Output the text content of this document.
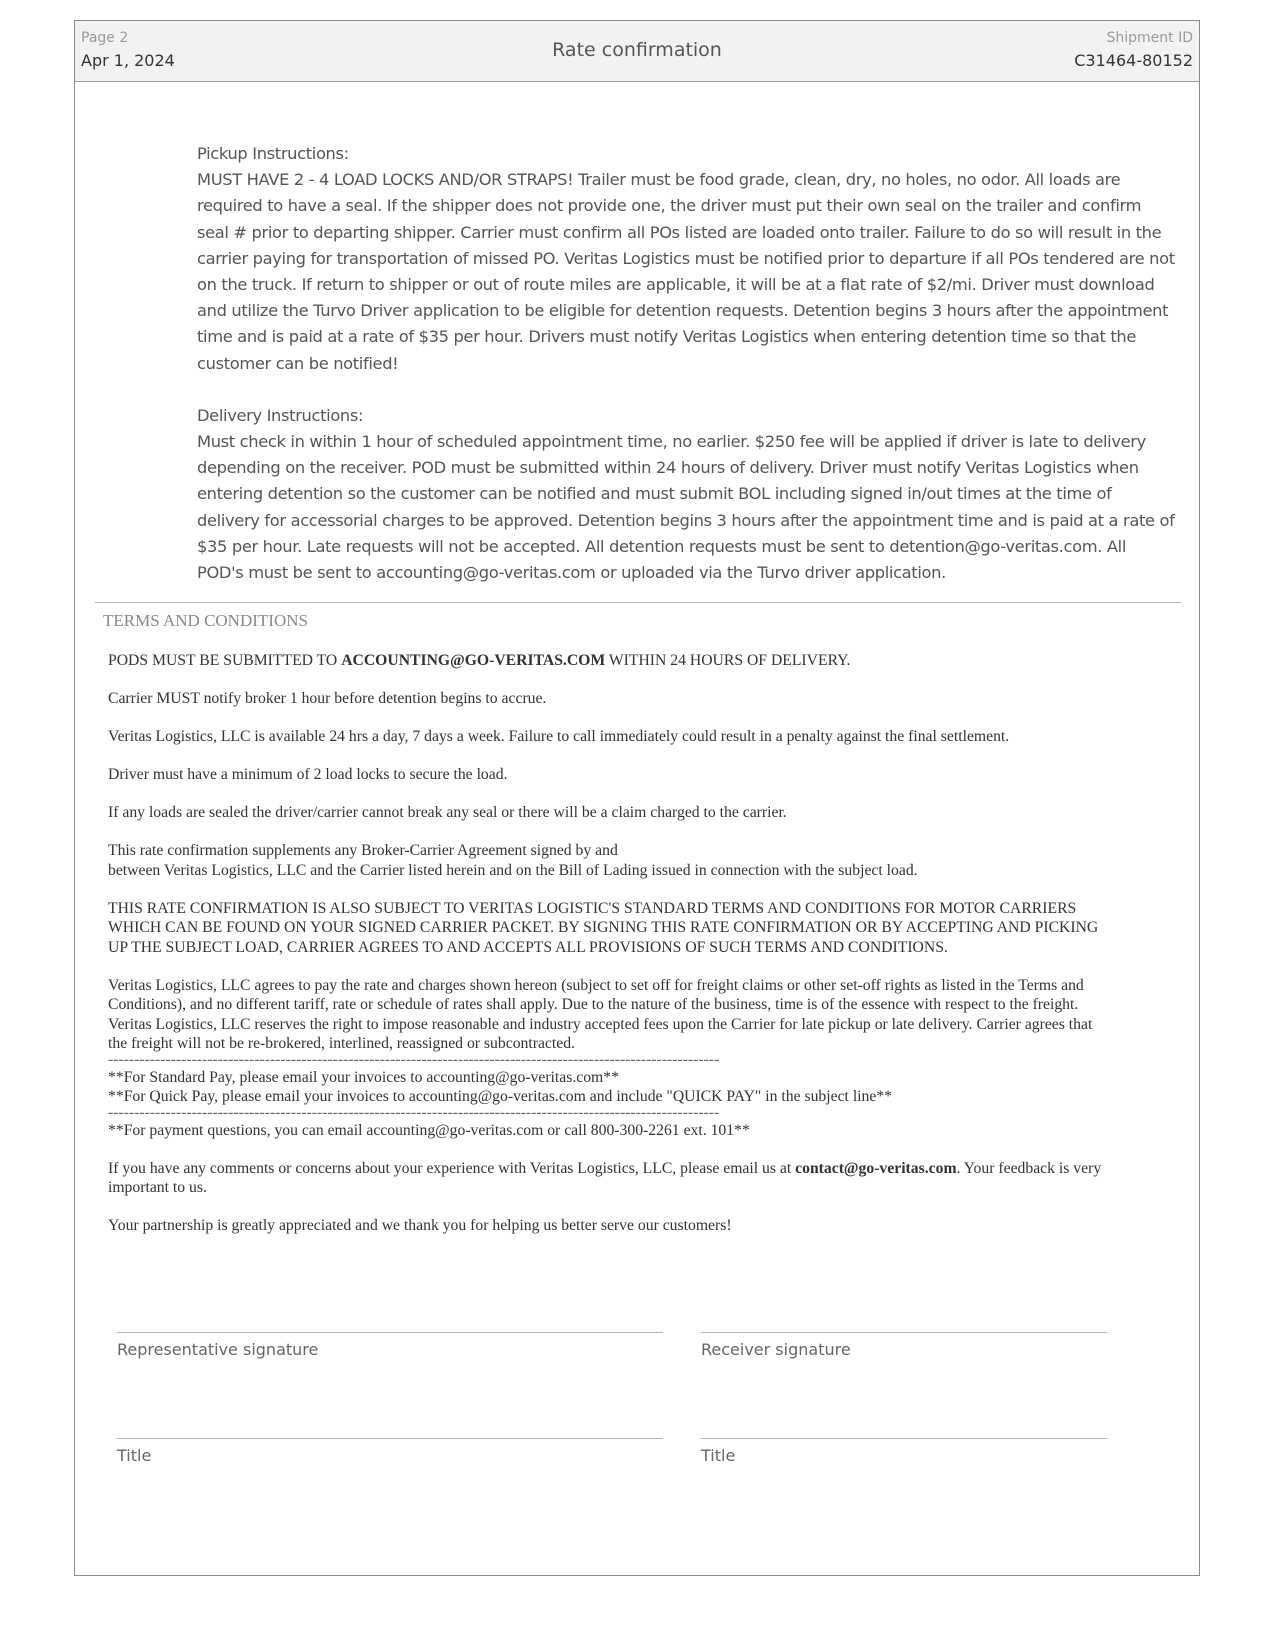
Page 2
Apr 1, 2024	Rate confirmation
Shipment ID
C31464-80152

Pickup Instructions:

MUST HAVE 2 - 4 LOAD LOCKS AND/OR STRAPS! Trailer must be food grade, clean, dry, no holes, no odor. All loads are required to have a seal. If the shipper does not provide one, the driver must put their own seal on the trailer and confirm seal # prior to departing shipper. Carrier must confirm all POs listed are loaded onto trailer. Failure to do so will result in the carrier paying for transportation of missed PO. Veritas Logistics must be notified prior to departure if all POs tendered are not on the truck. If return to shipper or out of route miles are applicable, it will be at a flat rate of $2/mi. Driver must download and utilize the Turvo Driver application to be eligible for detention requests. Detention begins 3 hours after the appointment time and is paid at a rate of $35 per hour. Drivers must notify Veritas Logistics when entering detention time so that the customer can be notified!

Delivery Instructions:

Must check in within 1 hour of scheduled appointment time, no earlier. $250 fee will be applied if driver is late to delivery depending on the receiver. POD must be submitted within 24 hours of delivery. Driver must notify Veritas Logistics when entering detention so the customer can be notified and must submit BOL including signed in/out times at the time of delivery for accessorial charges to be approved. Detention begins 3 hours after the appointment time and is paid at a rate of $35 per hour. Late requests will not be accepted. All detention requests must be sent to detention@go-veritas.com. All POD's must be sent to accounting@go-veritas.com or uploaded via the Turvo driver application.

TERMS AND CONDITIONS

PODS MUST BE SUBMITTED TO ACCOUNTING@GO-VERITAS.COM WITHIN 24 HOURS OF DELIVERY.

Carrier MUST notify broker 1 hour before detention begins to accrue.

Veritas Logistics, LLC is available 24 hrs a day, 7 days a week. Failure to call immediately could result in a penalty against the final settlement.

Driver must have a minimum of 2 load locks to secure the load.

If any loads are sealed the driver/carrier cannot break any seal or there will be a claim charged to the carrier.

This rate confirmation supplements any Broker-Carrier Agreement signed by and
between Veritas Logistics, LLC and the Carrier listed herein and on the Bill of Lading issued in connection with the subject load.

THIS RATE CONFIRMATION IS ALSO SUBJECT TO VERITAS LOGISTIC'S STANDARD TERMS AND CONDITIONS FOR MOTOR CARRIERS WHICH CAN BE FOUND ON YOUR SIGNED CARRIER PACKET. BY SIGNING THIS RATE CONFIRMATION OR BY ACCEPTING AND PICKING UP THE SUBJECT LOAD, CARRIER AGREES TO AND ACCEPTS ALL PROVISIONS OF SUCH TERMS AND CONDITIONS.

Veritas Logistics, LLC agrees to pay the rate and charges shown hereon (subject to set off for freight claims or other set-off rights as listed in the Terms and Conditions), and no different tariff, rate or schedule of rates shall apply. Due to the nature of the business, time is of the essence with respect to the freight. Veritas Logistics, LLC reserves the right to impose reasonable and industry accepted fees upon the Carrier for late pickup or late delivery. Carrier agrees that the freight will not be re-brokered, interlined, reassigned or subcontracted.

---------------------------------------------------------------------------------------------------------------------

**For Standard Pay, please email your invoices to accounting@go-veritas.com**

**For Quick Pay, please email your invoices to accounting@go-veritas.com and include "QUICK PAY" in the subject line**

---------------------------------------------------------------------------------------------------------------------

**For payment questions, you can email accounting@go-veritas.com or call 800-300-2261 ext. 101**

If you have any comments or concerns about your experience with Veritas Logistics, LLC, please email us at contact@go-veritas.com. Your feedback is very important to us.

Your partnership is greatly appreciated and we thank you for helping us better serve our customers!

Representative signature	Receiver signature
Title	Title
